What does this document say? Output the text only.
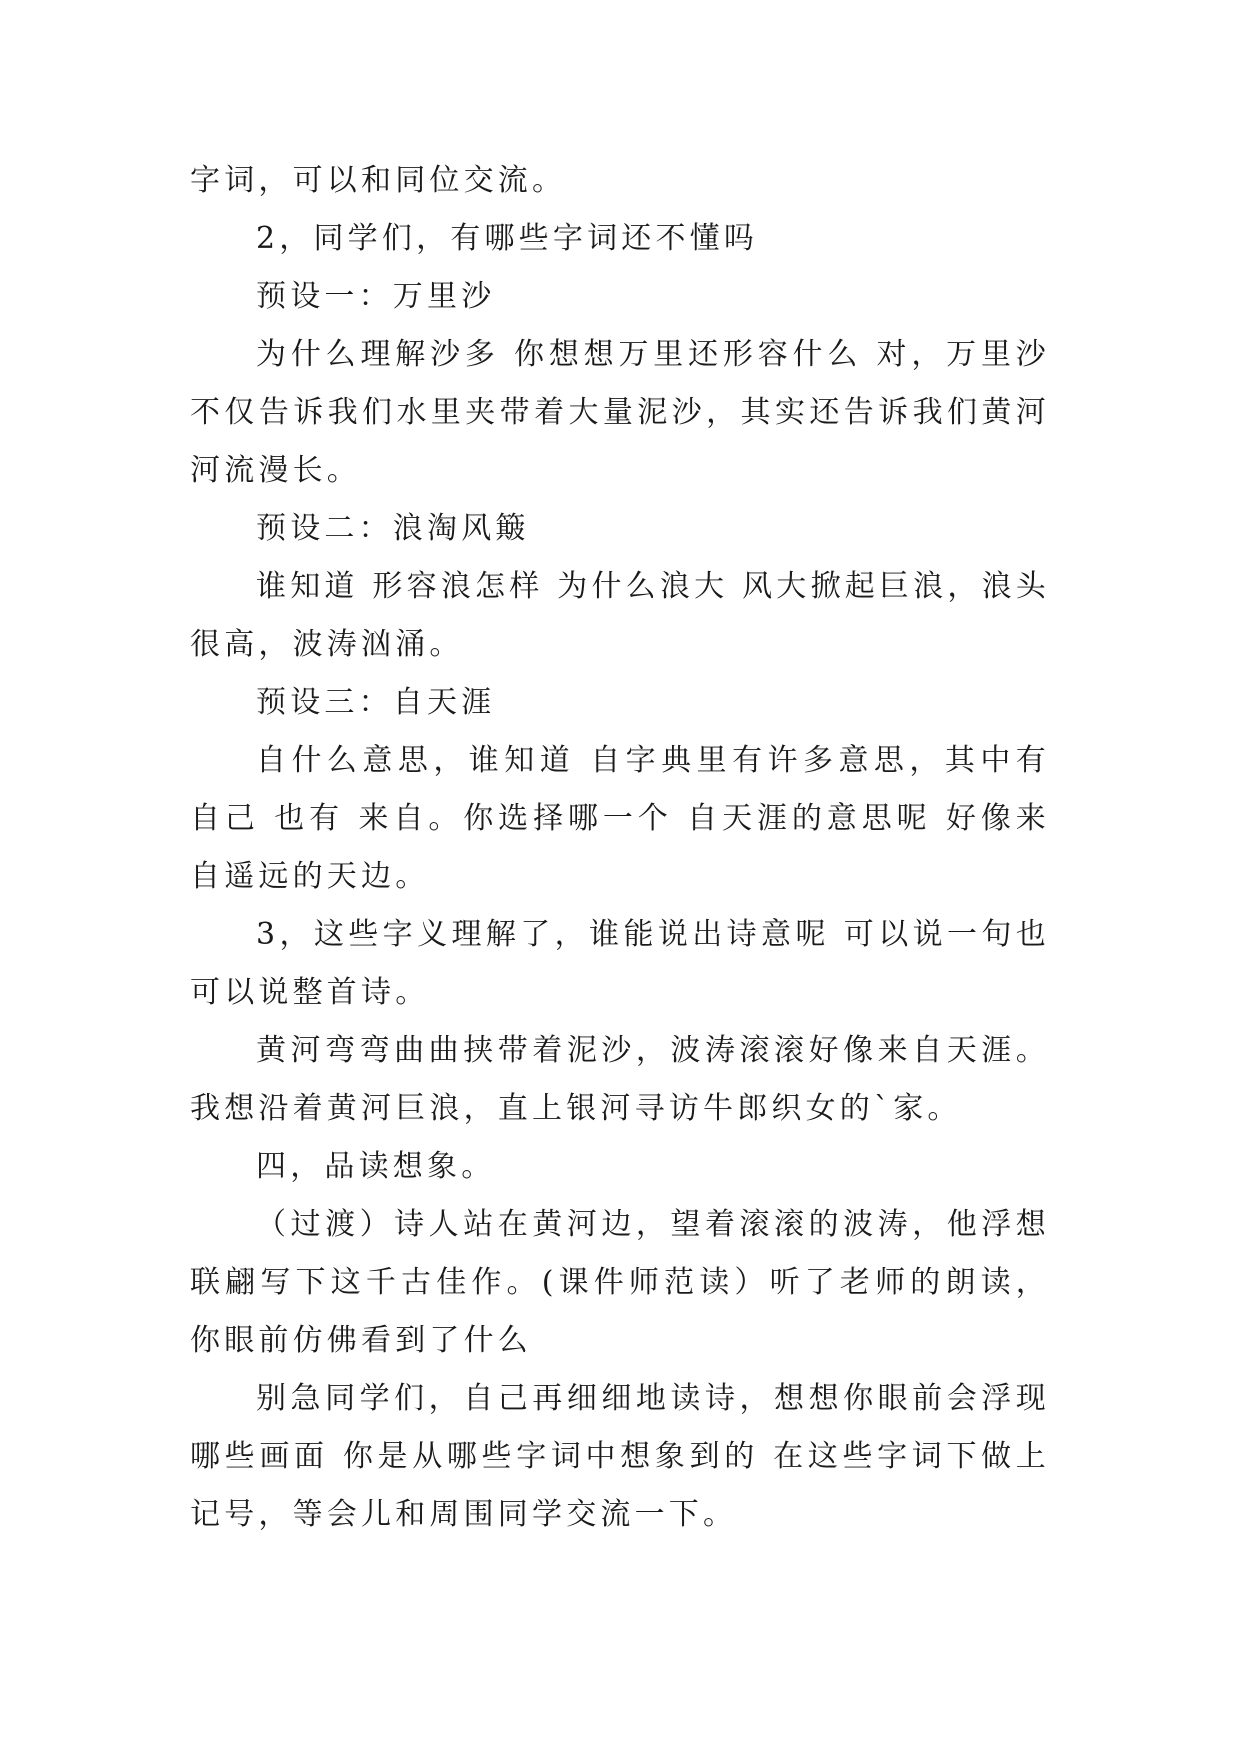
字词，可以和同位交流。

2，同学们，有哪些字词还不懂吗

预设一：万里沙

为什么理解沙多 你想想万里还形容什么 对，万里沙不仅告诉我们水里夹带着大量泥沙，其实还告诉我们黄河河流漫长。

预设二：浪淘风簸

谁知道 形容浪怎样 为什么浪大 风大掀起巨浪，浪头很高，波涛汹涌。

预设三：自天涯

自什么意思，谁知道 自字典里有许多意思，其中有自己 也有 来自。你选择哪一个 自天涯的意思呢 好像来自遥远的天边。

3，这些字义理解了，谁能说出诗意呢 可以说一句也可以说整首诗。

黄河弯弯曲曲挟带着泥沙，波涛滚滚好像来自天涯。我想沿着黄河巨浪，直上银河寻访牛郎织女的`家。

四，品读想象。

（过渡）诗人站在黄河边，望着滚滚的波涛，他浮想联翩写下这千古佳作。(课件师范读）听了老师的朗读，你眼前仿佛看到了什么

别急同学们，自己再细细地读诗，想想你眼前会浮现哪些画面 你是从哪些字词中想象到的 在这些字词下做上记号，等会儿和周围同学交流一下。
